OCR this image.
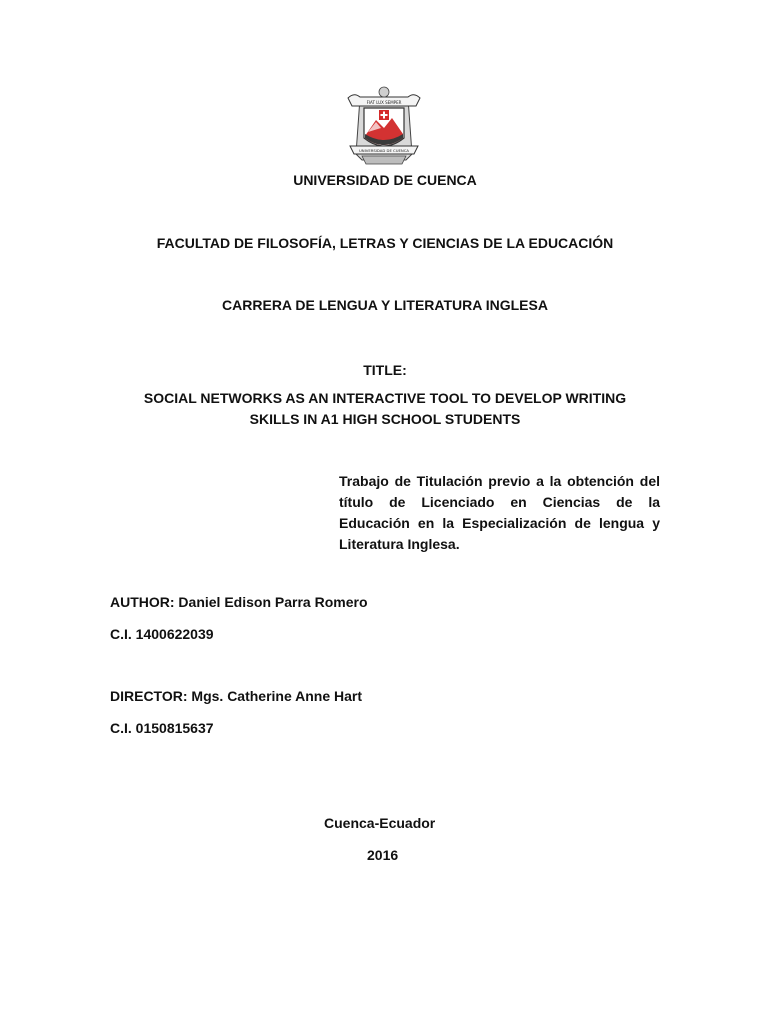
FIAT LUX SEMPER
UNIVERSIDAD DE CUENCA
UNIVERSIDAD DE CUENCA
FACULTAD DE FILOSOFÍA, LETRAS Y CIENCIAS DE LA EDUCACIÓN
CARRERA DE LENGUA Y LITERATURA INGLESA
TITLE:
SOCIAL NETWORKS AS AN INTERACTIVE TOOL TO DEVELOP WRITING
SKILLS IN A1 HIGH SCHOOL STUDENTS
Trabajo de Titulación previo a la obtención del título de Licenciado en Ciencias de la Educación en la Especialización de lengua y Literatura Inglesa.
AUTHOR: Daniel Edison Parra Romero
C.I. 1400622039
DIRECTOR: Mgs. Catherine Anne Hart
C.I. 0150815637
Cuenca-Ecuador
2016
